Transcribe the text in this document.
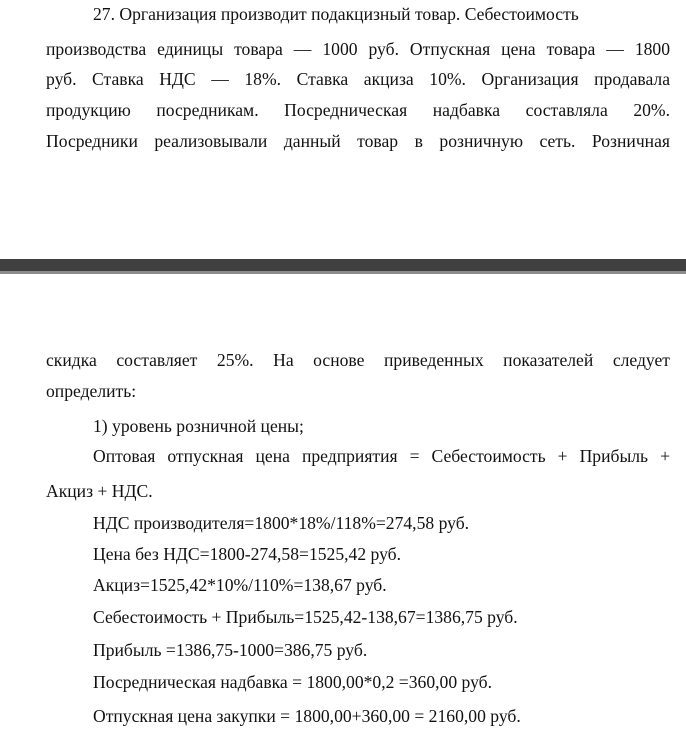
27. Организация производит подакцизный товар. Себестоимость
производства единицы товара — 1000 руб. Отпускная цена товара — 1800
руб. Ставка НДС — 18%. Ставка акциза 10%. Организация продавала
продукцию посредникам. Посредническая надбавка составляла 20%.
Посредники реализовывали данный товар в розничную сеть. Розничная
скидка составляет 25%. На основе приведенных показателей следует
определить:
1) уровень розничной цены;
Оптовая отпускная цена предприятия = Себестоимость + Прибыль +
Акциз + НДС.
НДС производителя=1800*18%/118%=274,58 руб.
Цена без НДС=1800-274,58=1525,42 руб.
Акциз=1525,42*10%/110%=138,67 руб.
Себестоимость + Прибыль=1525,42-138,67=1386,75 руб.
Прибыль =1386,75-1000=386,75 руб.
Посредническая надбавка = 1800,00*0,2 =360,00 руб.
Отпускная цена закупки = 1800,00+360,00 = 2160,00 руб.
